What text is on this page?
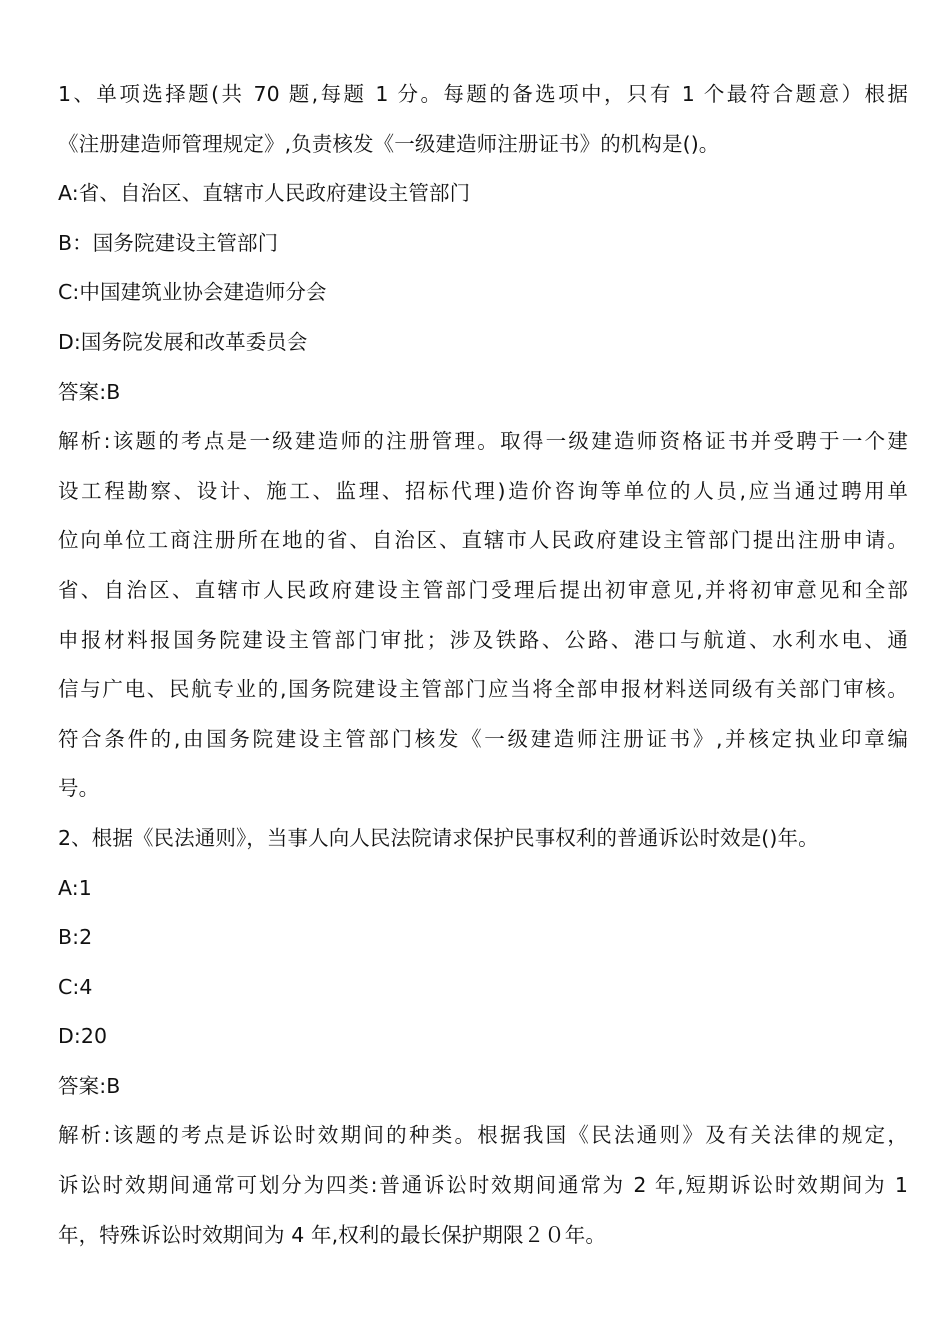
1、单项选择题(共 70 题,每题 1 分。每题的备选项中，只有 1 个最符合题意）根据
《注册建造师管理规定》,负责核发《一级建造师注册证书》的机构是()。
A:省、自治区、直辖市人民政府建设主管部门
B：国务院建设主管部门
C:中国建筑业协会建造师分会
D:国务院发展和改革委员会
答案:B
解析:该题的考点是一级建造师的注册管理。取得一级建造师资格证书并受聘于一个建
设工程勘察、设计、施工、监理、招标代理)造价咨询等单位的人员,应当通过聘用单
位向单位工商注册所在地的省、自治区、直辖市人民政府建设主管部门提出注册申请。
省、自治区、直辖市人民政府建设主管部门受理后提出初审意见,并将初审意见和全部
申报材料报国务院建设主管部门审批；涉及铁路、公路、港口与航道、水利水电、通
信与广电、民航专业的,国务院建设主管部门应当将全部申报材料送同级有关部门审核。
符合条件的,由国务院建设主管部门核发《一级建造师注册证书》,并核定执业印章编
号。
2、根据《民法通则》，当事人向人民法院请求保护民事权利的普通诉讼时效是()年。
A:1
B:2
C:4
D:20
答案:B
解析:该题的考点是诉讼时效期间的种类。根据我国《民法通则》及有关法律的规定，
诉讼时效期间通常可划分为四类:普通诉讼时效期间通常为 2 年,短期诉讼时效期间为 1
年，特殊诉讼时效期间为 4 年,权利的最长保护期限２０年。
